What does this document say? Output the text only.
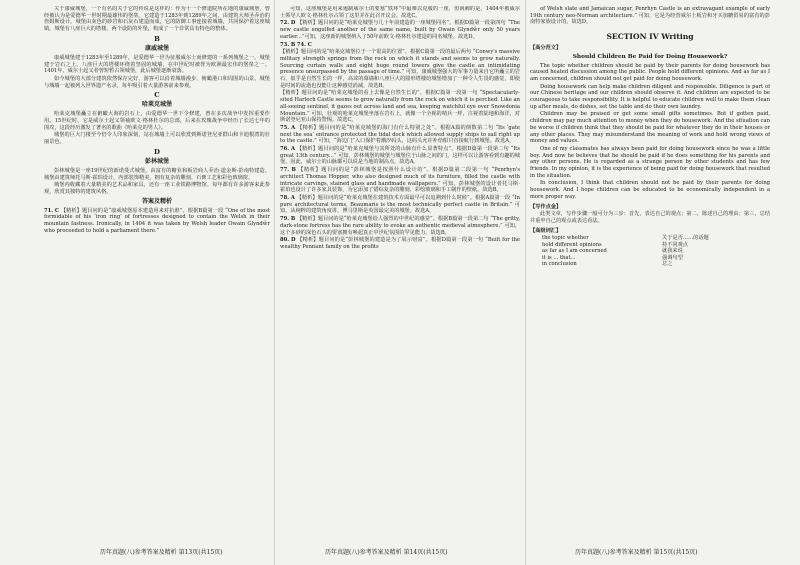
关于康威城堡，一个有名的关于它的传说是这样的：作为十一个修道院所在地的康威城堡，曾经被认为是爱德华一世时期最雄伟的堡垒。它建造于1283年到1289年之间，由建筑大师圣乔治的詹姆斯设计。城堡由灰色的砂岩和石灰石建造而成，它的防御工事连接着城墙，共同保护着这座城镇。城堡有八座巨大的塔楼，两个设防的外堡，构成了一个非常具有特色的整体。

B
康威城堡

康威城堡建于1283年至1289年，是爱德华一世为征服威尔士而修建的一系列城堡之一。城堡建于岩石之上，八座巨大的塔楼环绕着坚固的城墙，在中世纪时被誉为欧洲最宏伟的堡垒之一。1401年，威尔士起义者曾短暂占领城堡，此后城堡逐渐衰落。

如今城堡的大部分建筑依然保存完好，游客可以沿着城墙漫步，俯瞰港口和周围的山景。城堡与城墙一起被列入世界遗产名录，每年吸引着大量游客前来参观。

C
哈莱克城堡

哈莱克城堡矗立在俯瞰大海的岩石上，由爱德华一世下令修建，曾在多次战争中发挥重要作用。15世纪时，它是威尔士起义领袖欧文·格林杜尔的总部，后来在玫瑰战争中经历了长达七年的围攻，这段经历激发了著名的歌曲《哈莱克的男人》。

城堡的巨大门楼至今仍令人印象深刻，站在城墙上可以欣赏到斯诺登尼亚群山和卡迪根湾的壮丽景色。

D
彭林城堡

彭林城堡是一座19世纪的新诺曼式城堡，由富有的糖业和板岩商人乔治·道金斯-彭南特建造。城堡由建筑师托马斯·霍珀设计，内部装饰精美，拥有复杂的雕刻、石膏工艺和彩色玻璃窗。

城堡内收藏着大量精美的艺术品和家具，还有一座工业铁路博物馆。每年都有许多游客来此参观，欣赏其独特的建筑风格。

答案及精析
71. C 【精析】题目问的是“康威城堡原本建造用来对抗谁”。根据B篇第一段 “One of the most formidable of his ‘iron ring’ of fortresses designed to contain the Welsh in their mountain fastness. Ironically, in 1404 it was taken by Welsh leader Owain Glyndŵr who proceeded to hold a parliament there.”
历年真题(八)参考答案及精析 第13页(共15页)

可知，这座城堡是用来遏制威尔士的要塞“铁环”中最难以克服的一座，但讽刺的是，1404年被威尔士领导人欧文·格林杜尔占领了这里并在此召开议会。故选C。

72. D 【精析】题目问的是“哈莱克城堡与几十年前建造的一座城堡同名”。根据D篇第一段第四句 “The new castle engulfed another of the same name, built by Owain Glyndŵr only 50 years earlier...”可知，这座新的城堡纳入了50年前欧文·格林杜尔建造的同名城堡。故选D。
73. B 74. C
【精析】题目问的是“哈莱克城堡位于一个很高的位置”。根据C篇第一段的最后两句 “Conwy's massive military strength springs from the rock on which it stands and seems to grow naturally. Sourcing curtain walls and eight huge round towers give the castle an intimidating presence unsurpassed by the passage of time.” 可知，康威城堡强大的军事力量来自它所矗立的岩石，似乎是自然生长的一样，高耸的幕墙和八座巨大的圆形塔楼给城堡增加了一种令人生畏的感觉，即使是时间的流逝也没能让这种感觉消减。故选B。
【精析】题目问的是“哈莱克城堡的看上去像是自然生长的”。根据C篇第一段第一句 “Spectacularly-sited Harlech Castle seems to grow naturally from the rock on which it is perched. Like an all-seeing sentinel, it gazes out across land and sea, keeping watchful eye over Snowdonia Mountain.” 可知，壮观的哈莱克城堡坐落在岩石上，就像一个全视的哨兵一样，注视着陆地和海洋，对斯诺登尼亚山保持警惕。故选C。
75. A 【精析】题目问的是“哈莱克城堡的海门有什么特别之处”。根据A篇的倒数第二句 “Its ‘gate next the sea’ entrance protected the tidal dock which allowed supply ships to sail right up to the castle.” 可知，“海边门”入口保护着潮汐码头，这码头允许补给船只直接航行到城堡。故选A。
76. A 【精析】题目问的是“哈莱克城堡与其所处的山脉有什么显著特点”。根据D篇第一段第二句 “Its great 13th century...” 可知，彭林城堡的城堡与城堡位于山脉之间的门，这样可以让游客看到有趣的城堡。因此，威尔士的山脉都可以说是当地的制高点。故选A。
77. B 【精析】题目问的是“彭林城堡是按照什么设计的”。根据D篇第二段第一句 “Penrhyn's architect Thomas Hopper, who also designed much of its furniture, filled the castle with intricate carvings, stained glass and handmade wallpapers.” 可知，彭林城堡的设计者托马斯·霍珀也设计了许多家具装饰，为它添加了错综复杂的雕刻、彩绘玻璃和手工制作的壁纸。故选B。
78. A 【精析】题目问的是“哈莱克城堡在建筑技术方面最早可以追溯到什么时候”。根据A篇第一段 “In pure architectural terms, Beaumaris is the most technically perfect castle in Britain.” 可知，从纯粹的建筑角度讲，博马里斯是英国最完美的城堡。故选A。
79. B 【精析】题目问的是“哈莱克城堡给人强烈的中世纪的感觉”。根据B篇第一段第二句 “The gritty, dark-stone fortress has the rare ability to evoke an authentic medieval atmosphere.” 可知，这个多砂的深色石头的要塞拥有唤起真正中世纪氛围的罕见能力。故选B。
80. D 【精析】题目问的是“彭林城堡的建造是为了展示财富”。根据D篇第一段第一句 “Built for the wealthy Pennant family on the profits
历年真题(八)参考答案及精析 第14页(共15页)

of Welsh slate and Jamaican sugar, Penrhyn Castle is an extravagant example of early 19th century neo-Norman architecture.” 可知，它是为经营威尔士板岩和牙买加糖贸易的富有的彭南特家族设计的。故选D。

SECTION IV Writing
【高分范文】
Should Children Be Paid for Doing Housework?

The topic whether children should be paid by their parents for doing housework has caused heated discussion among the public. People hold different opinions. And as far as I am concerned, children should not get paid for doing housework.

Doing housework can help make children diligent and responsible. Diligence is part of our Chinese heritage and our children should observe it. And children are expected to be courageous to take responsibility. It is helpful to educate children well to make them clean up after meals, do dishes, set the table and do their own laundry.

Children may be praised or get some small gifts sometimes. But if gotten paid, children may pay much attention to money when they do housework. And the situation can be worse if children think that they should be paid for whatever they do in their houses or any other places. They may misunderstand the meaning of work and hold wrong views of money and values.

One of my classmates has always been paid for doing housework since he was a little boy. And now he believes that he should be paid if he does something for his parents and any other persons. He is regarded as a strange person by other students and has few friends. In my opinion, it is the experience of being paid for doing housework that resulted in the situation.

In conclusion, I think that children should not be paid by their parents for doing housework. And I hope children can be educated to be economically independent in a more proper way.

【写作点金】

此类文章，写作步骤一般可分为三步：首先，表达自己的观点；第二，陈述自己的理由；第三，总结并重申自己的观点或表达看法。

【高级词汇】
the topic whether	关于是否……的话题
hold different opinions	持不同观点
as far as I am concerned	就我来说
it is ... that...	强调句型
in conclusion	总之
历年真题(八)参考答案及精析 第15页(共15页)
